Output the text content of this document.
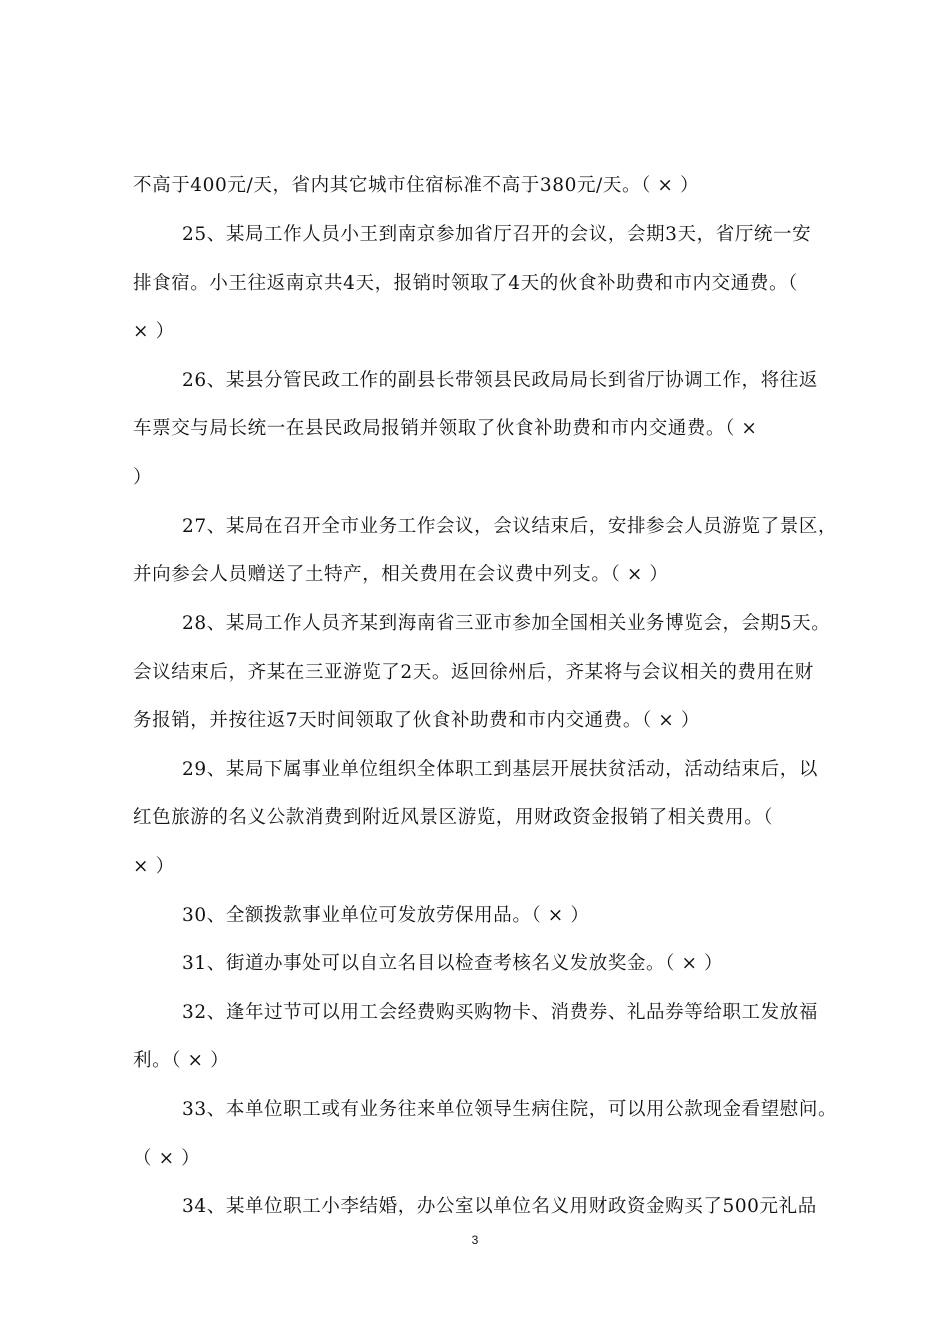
不高于400元/天，省内其它城市住宿标准不高于380元/天。（ × ）
25、某局工作人员小王到南京参加省厅召开的会议，会期3天，省厅统一安
排食宿。小王往返南京共4天，报销时领取了4天的伙食补助费和市内交通费。（
× ）
26、某县分管民政工作的副县长带领县民政局局长到省厅协调工作，将往返
车票交与局长统一在县民政局报销并领取了伙食补助费和市内交通费。（ ×
）
27、某局在召开全市业务工作会议，会议结束后，安排参会人员游览了景区，
并向参会人员赠送了土特产，相关费用在会议费中列支。（ × ）
28、某局工作人员齐某到海南省三亚市参加全国相关业务博览会，会期5天。
会议结束后，齐某在三亚游览了2天。返回徐州后，齐某将与会议相关的费用在财
务报销，并按往返7天时间领取了伙食补助费和市内交通费。（ × ）
29、某局下属事业单位组织全体职工到基层开展扶贫活动，活动结束后，以
红色旅游的名义公款消费到附近风景区游览，用财政资金报销了相关费用。（
× ）
30、全额拨款事业单位可发放劳保用品。（ × ）
31、街道办事处可以自立名目以检查考核名义发放奖金。（ × ）
32、逢年过节可以用工会经费购买购物卡、消费券、礼品券等给职工发放福
利。（ × ）
33、本单位职工或有业务往来单位领导生病住院，可以用公款现金看望慰问。
（ × ）
34、某单位职工小李结婚，办公室以单位名义用财政资金购买了500元礼品
3
